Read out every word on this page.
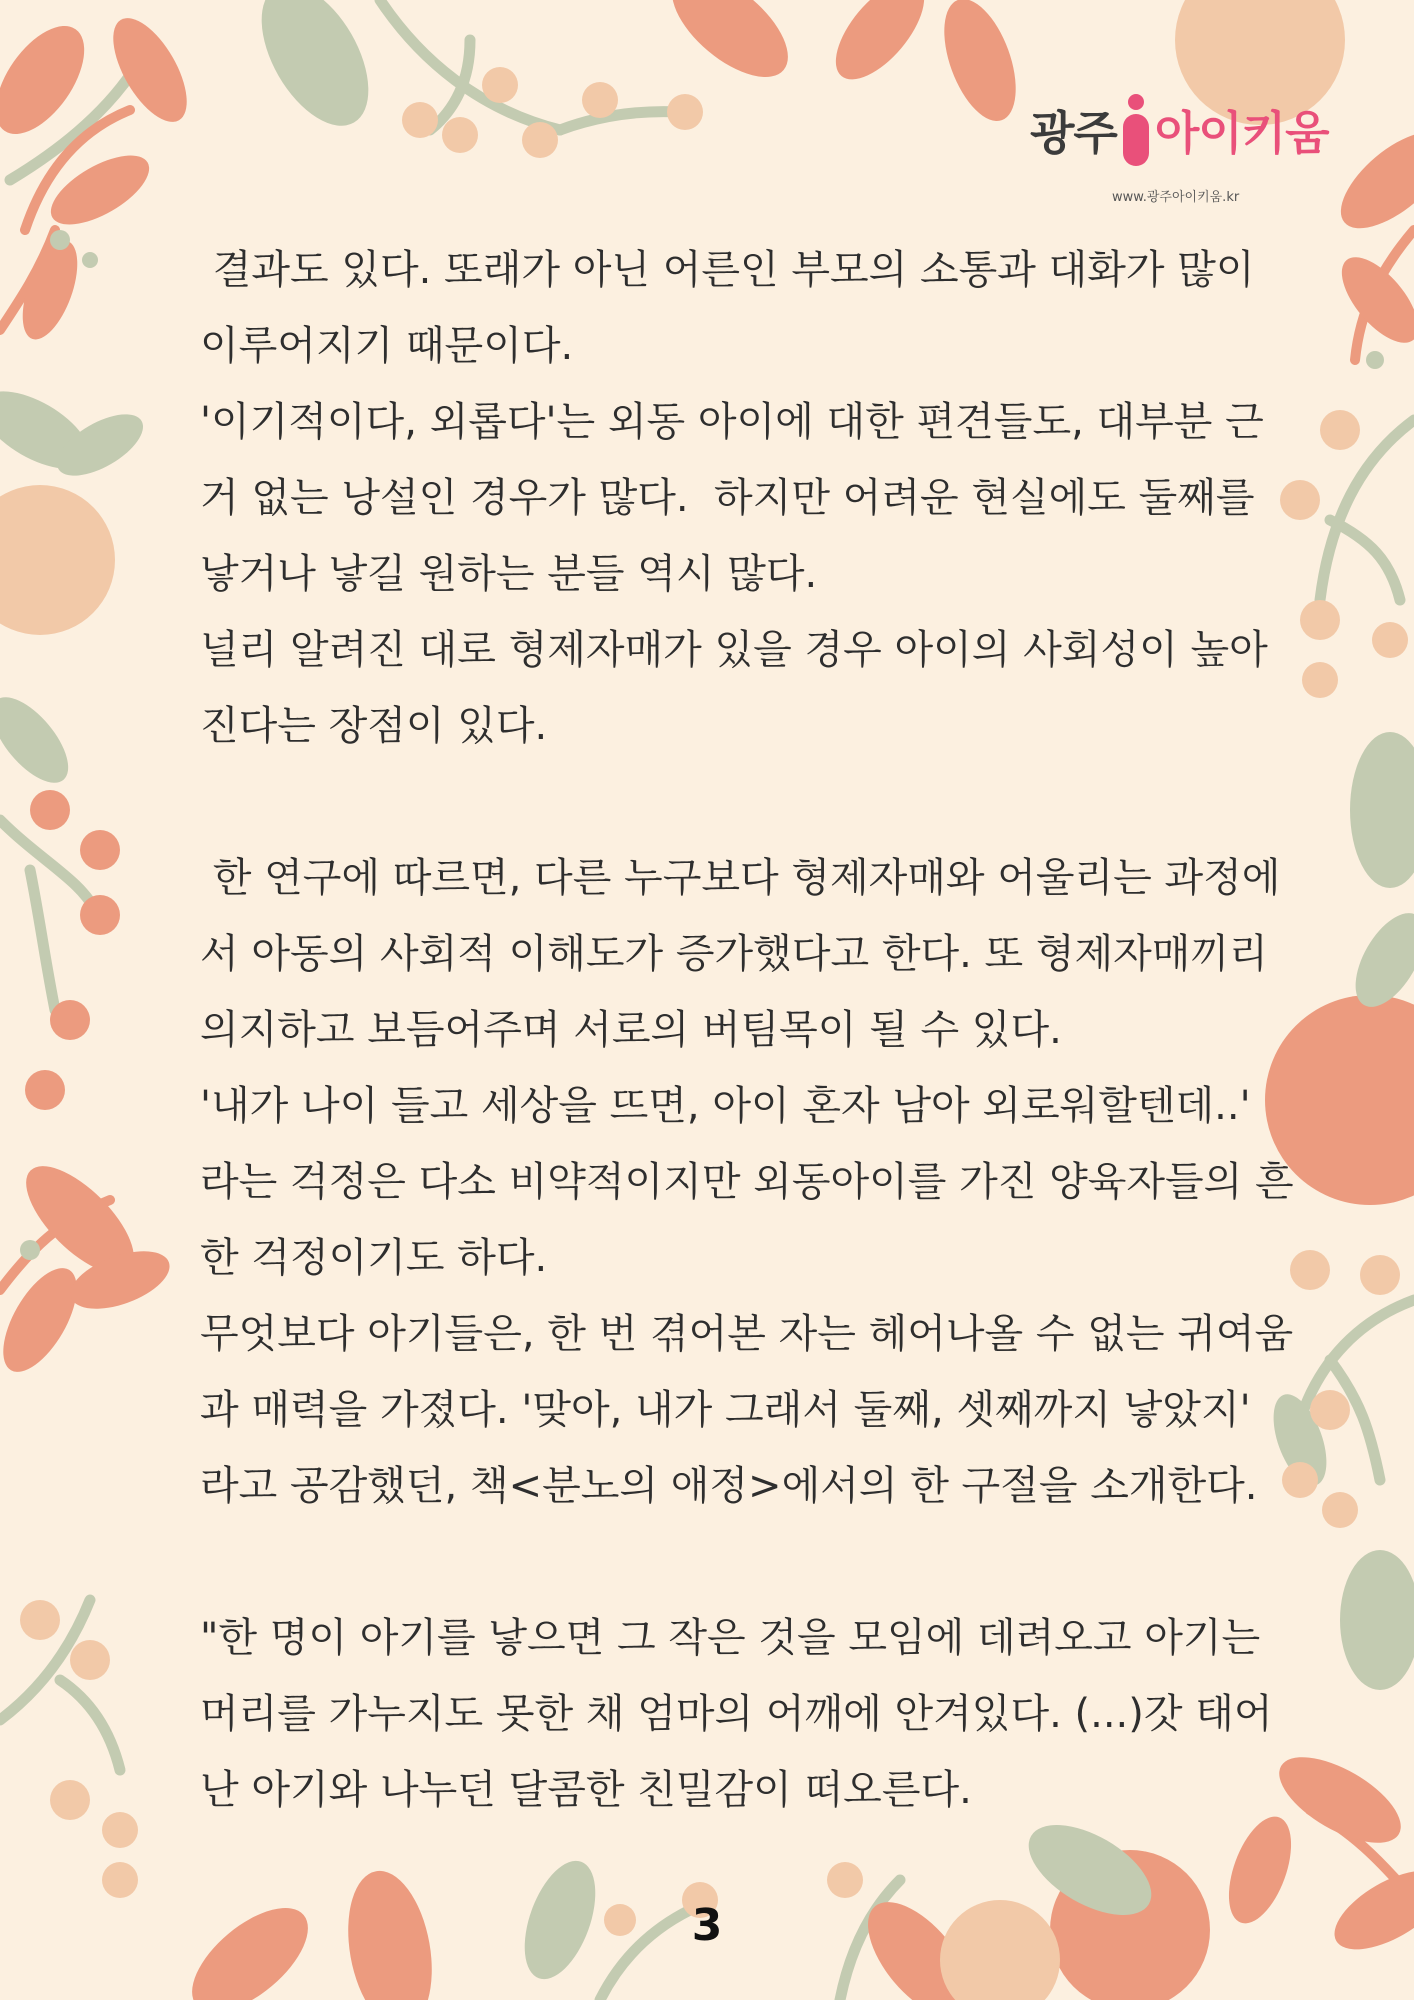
광주 아이키움
www.광주아이키움.kr
결과도 있다. 또래가 아닌 어른인 부모의 소통과 대화가 많이
이루어지기 때문이다.
'이기적이다, 외롭다'는 외동 아이에 대한 편견들도, 대부분 근
거 없는 낭설인 경우가 많다.  하지만 어려운 현실에도 둘째를
낳거나 낳길 원하는 분들 역시 많다.
널리 알려진 대로 형제자매가 있을 경우 아이의 사회성이 높아
진다는 장점이 있다.
한 연구에 따르면, 다른 누구보다 형제자매와 어울리는 과정에
서 아동의 사회적 이해도가 증가했다고 한다. 또 형제자매끼리
의지하고 보듬어주며 서로의 버팀목이 될 수 있다.
'내가 나이 들고 세상을 뜨면, 아이 혼자 남아 외로워할텐데..'
라는 걱정은 다소 비약적이지만 외동아이를 가진 양육자들의 흔
한 걱정이기도 하다.
무엇보다 아기들은, 한 번 겪어본 자는 헤어나올 수 없는 귀여움
과 매력을 가졌다. '맞아, 내가 그래서 둘째, 셋째까지 낳았지'
라고 공감했던, 책<분노의 애정>에서의 한 구절을 소개한다.
"한 명이 아기를 낳으면 그 작은 것을 모임에 데려오고 아기는
머리를 가누지도 못한 채 엄마의 어깨에 안겨있다. (...)갓 태어
난 아기와 나누던 달콤한 친밀감이 떠오른다.
3
